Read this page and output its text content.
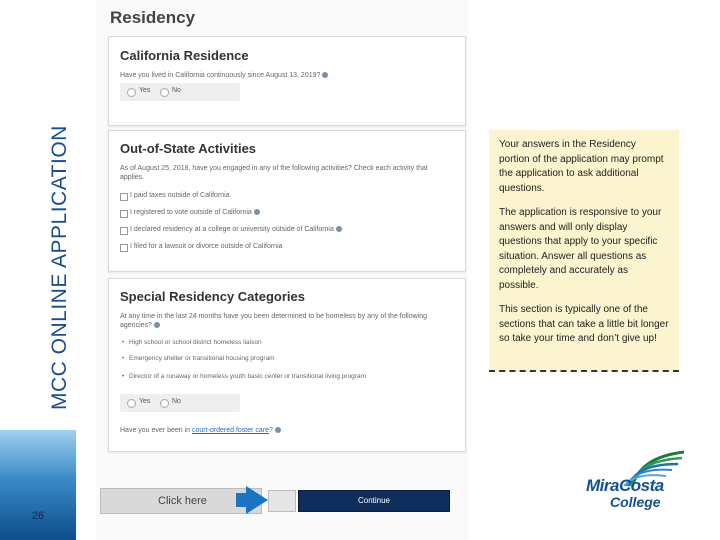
MCC ONLINE APPLICATION
26
Residency
California Residence
Have you lived in California continuously since August 13, 2019?
Yes	No
Out-of-State Activities
As of August 25, 2018, have you engaged in any of the following activities? Check each activity that applies.
I paid taxes outside of California
I registered to vote outside of California
I declared residency at a college or university outside of California
I filed for a lawsuit or divorce outside of California
Special Residency Categories
At any time in the last 24 months have you been determined to be homeless by any of the following agencies?
• High school or school district homeless liaison
• Emergency shelter or transitional housing program
• Director of a runaway or homeless youth basic center or transitional living program
Yes	No
Have you ever been in court-ordered foster care?
Click here	Continue

Your answers in the Residency portion of the application may prompt the application to ask additional questions.

The application is responsive to your answers and will only display questions that apply to your specific situation. Answer all questions as completely and accurately as possible.

This section is typically one of the sections that can take a little bit longer so take your time and don’t give up!

MiraCosta
College
